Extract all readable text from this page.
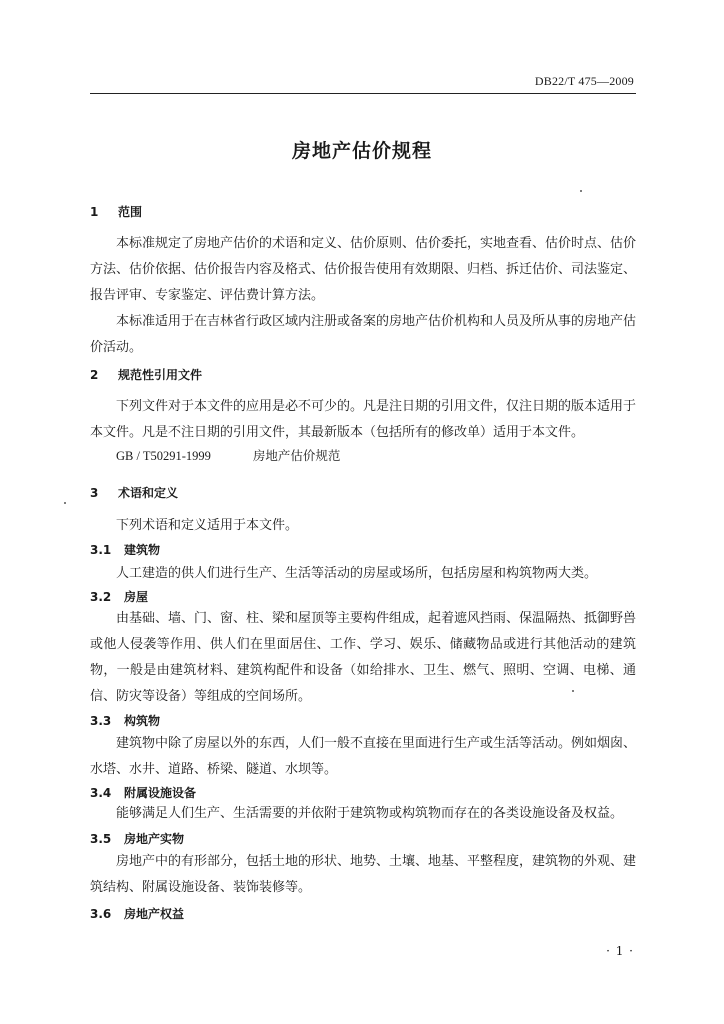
DB22/T 475—2009
房地产估价规程
1 范围
本标准规定了房地产估价的术语和定义、估价原则、估价委托，实地查看、估价时点、估价方法、估价依据、估价报告内容及格式、估价报告使用有效期限、归档、拆迁估价、司法鉴定、报告评审、专家鉴定、评估费计算方法。
本标准适用于在吉林省行政区域内注册或备案的房地产估价机构和人员及所从事的房地产估价活动。
2 规范性引用文件
下列文件对于本文件的应用是必不可少的。凡是注日期的引用文件，仅注日期的版本适用于本文件。凡是不注日期的引用文件，其最新版本（包括所有的修改单）适用于本文件。
GB / T50291-1999	房地产估价规范
3 术语和定义
下列术语和定义适用于本文件。
3.1 建筑物
人工建造的供人们进行生产、生活等活动的房屋或场所，包括房屋和构筑物两大类。
3.2 房屋
由基础、墙、门、窗、柱、梁和屋顶等主要构件组成，起着遮风挡雨、保温隔热、抵御野兽或他人侵袭等作用、供人们在里面居住、工作、学习、娱乐、储藏物品或进行其他活动的建筑物，一般是由建筑材料、建筑构配件和设备（如给排水、卫生、燃气、照明、空调、电梯、通信、防灾等设备）等组成的空间场所。
3.3 构筑物
建筑物中除了房屋以外的东西，人们一般不直接在里面进行生产或生活等活动。例如烟囱、水塔、水井、道路、桥梁、隧道、水坝等。
3.4 附属设施设备
能够满足人们生产、生活需要的并依附于建筑物或构筑物而存在的各类设施设备及权益。
3.5 房地产实物
房地产中的有形部分，包括土地的形状、地势、土壤、地基、平整程度，建筑物的外观、建筑结构、附属设施设备、装饰装修等。
3.6 房地产权益
· 1 ·
